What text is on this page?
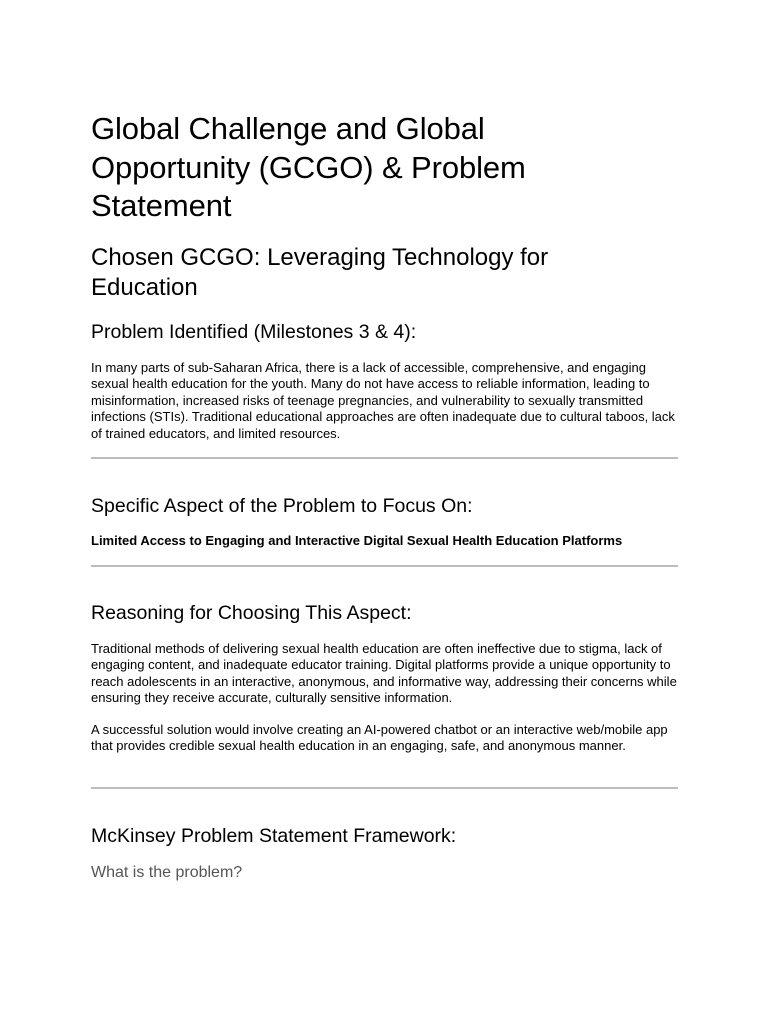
Global Challenge and Global Opportunity (GCGO) & Problem Statement
Chosen GCGO: Leveraging Technology for Education
Problem Identified (Milestones 3 & 4):

In many parts of sub-Saharan Africa, there is a lack of accessible, comprehensive, and engaging sexual health education for the youth. Many do not have access to reliable information, leading to misinformation, increased risks of teenage pregnancies, and vulnerability to sexually transmitted infections (STIs). Traditional educational approaches are often inadequate due to cultural taboos, lack of trained educators, and limited resources.

Specific Aspect of the Problem to Focus On:

Limited Access to Engaging and Interactive Digital Sexual Health Education Platforms

Reasoning for Choosing This Aspect:

Traditional methods of delivering sexual health education are often ineffective due to stigma, lack of engaging content, and inadequate educator training. Digital platforms provide a unique opportunity to reach adolescents in an interactive, anonymous, and informative way, addressing their concerns while ensuring they receive accurate, culturally sensitive information.

A successful solution would involve creating an AI-powered chatbot or an interactive web/mobile app that provides credible sexual health education in an engaging, safe, and anonymous manner.

McKinsey Problem Statement Framework:

What is the problem?
